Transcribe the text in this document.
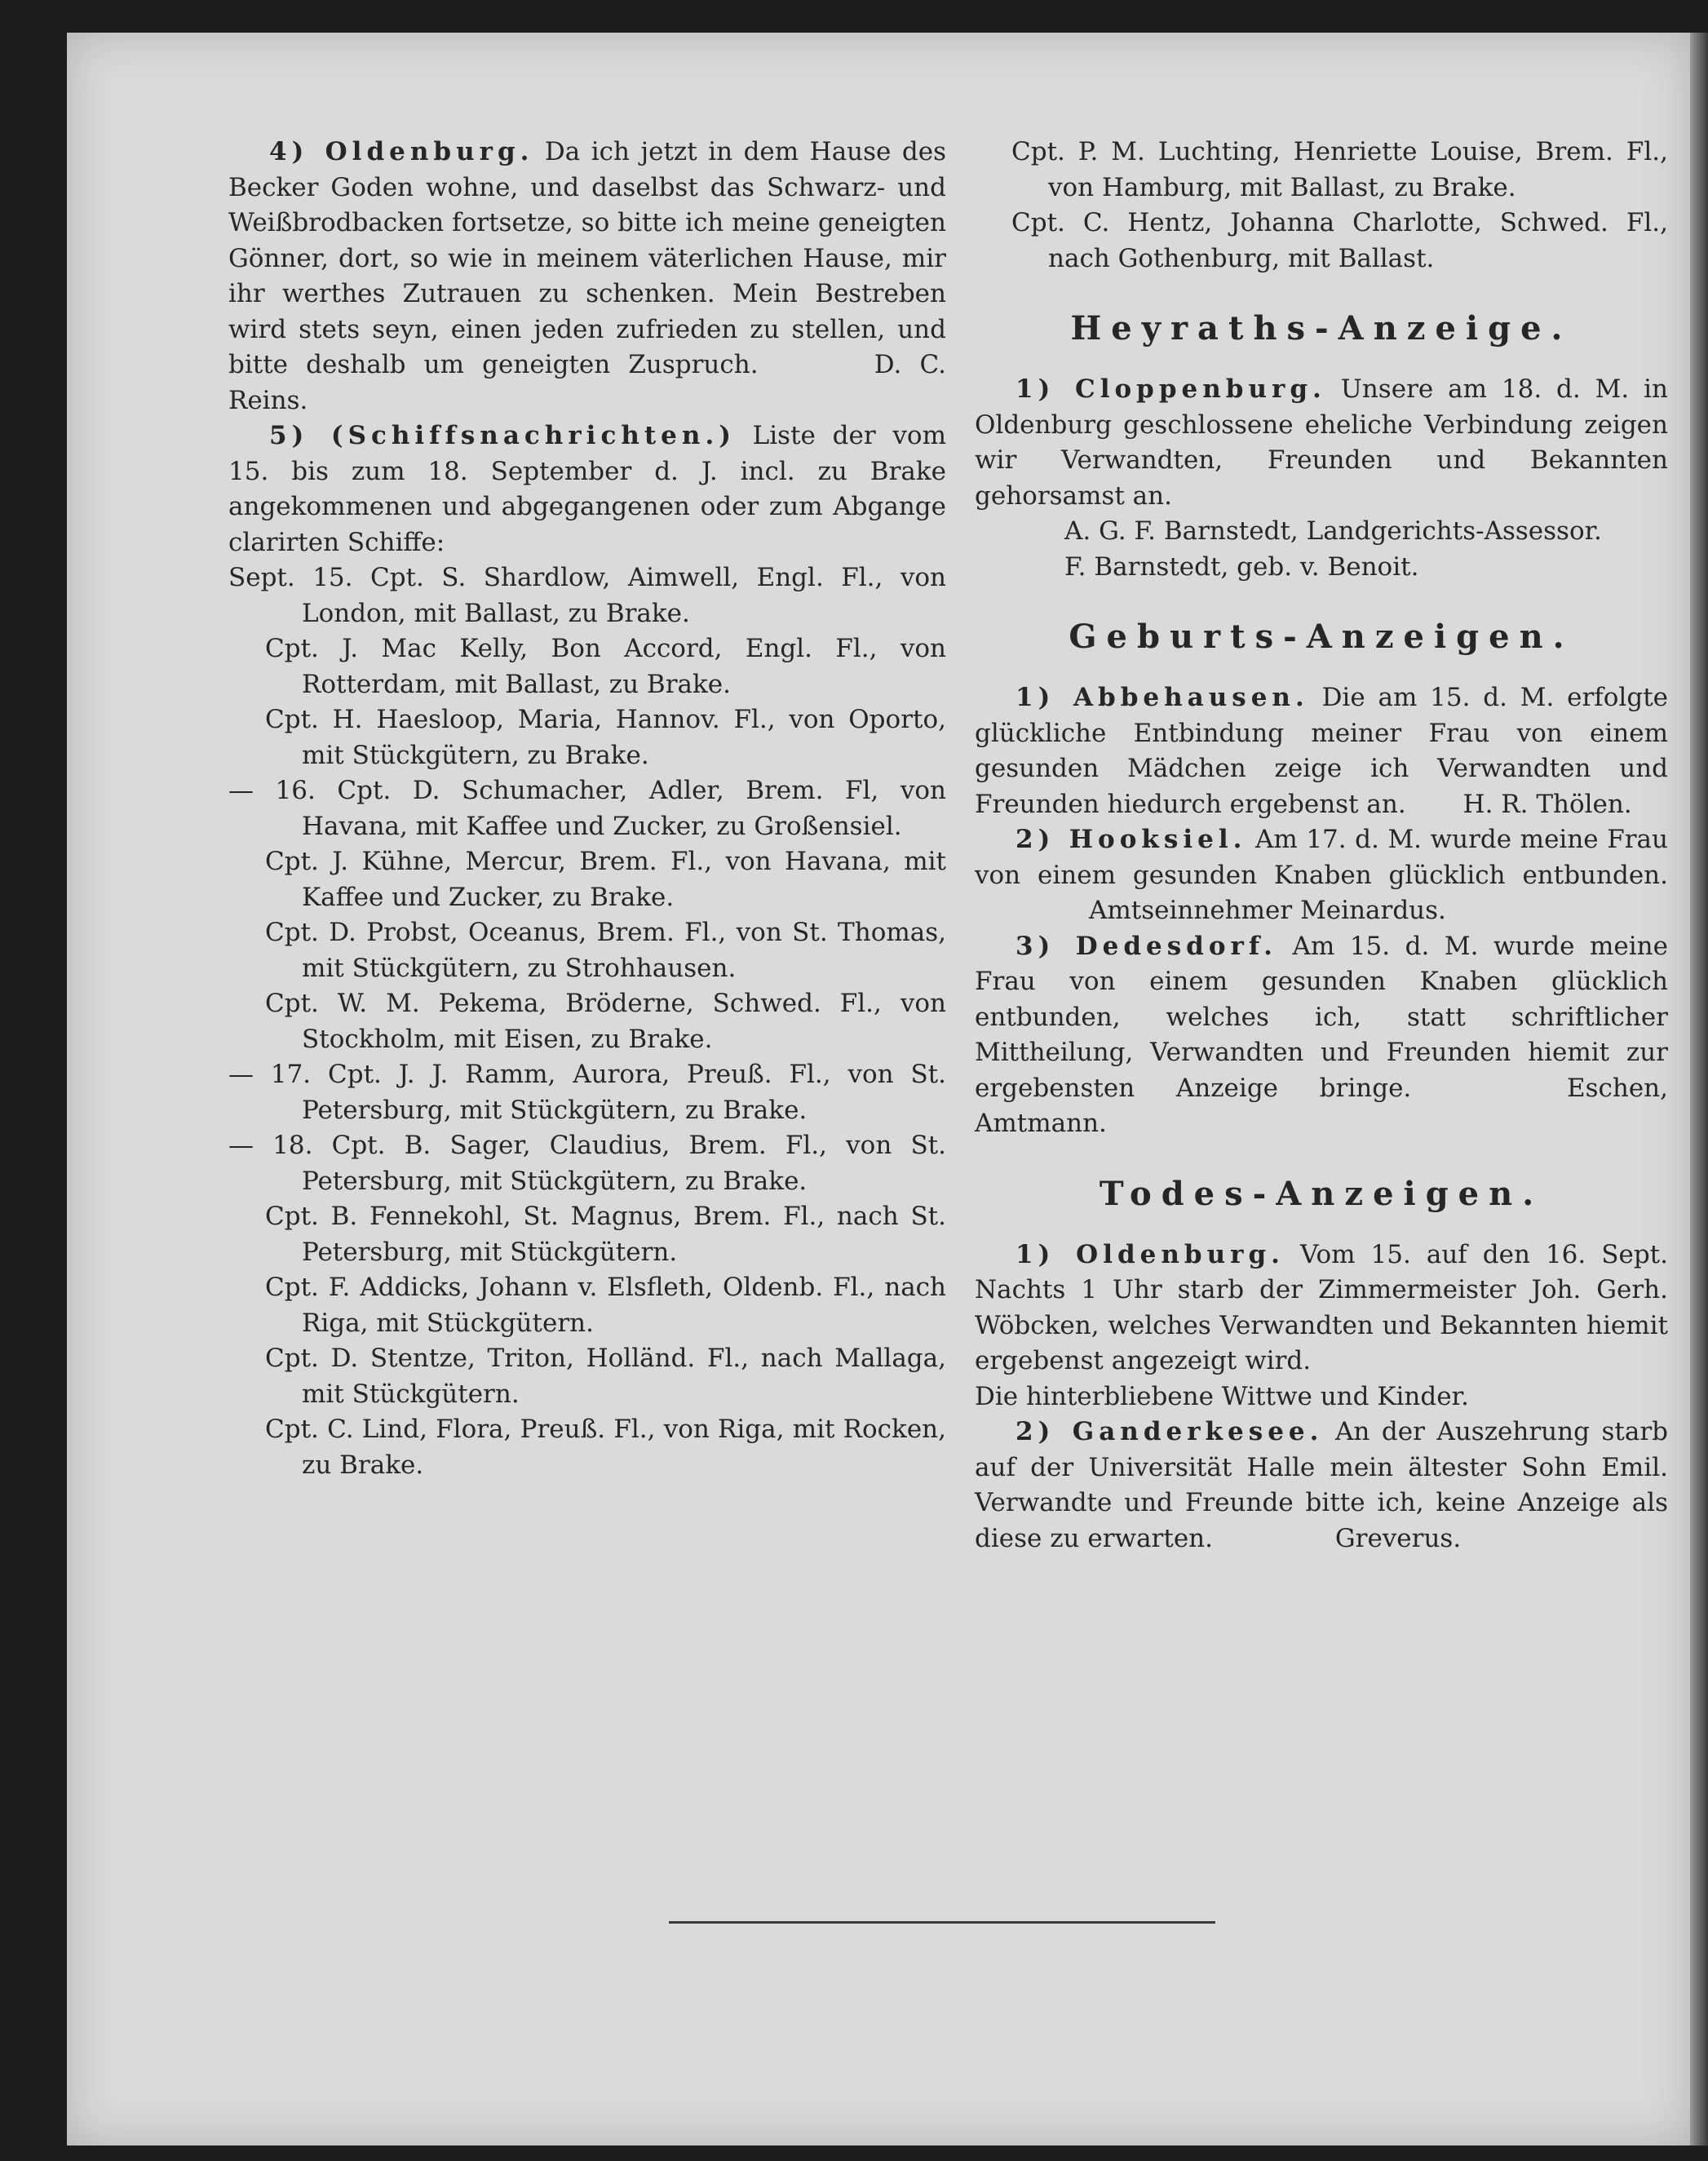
4) Oldenburg. Da ich jetzt in dem Hause des Becker Goden wohne, und daselbst das Schwarz- und Weißbrodbacken fortsetze, so bitte ich meine geneigten Gönner, dort, so wie in meinem väterlichen Hause, mir ihr werthes Zutrauen zu schenken. Mein Bestreben wird stets seyn, einen jeden zufrieden zu stellen, und bitte deshalb um geneigten Zuspruch.	D. C. Reins.

5) (Schiffsnachrichten.) Liste der vom 15. bis zum 18. September d. J. incl. zu Brake angekommenen und abgegangenen oder zum Abgange clarirten Schiffe:

Sept. 15. Cpt. S. Shardlow, Aimwell, Engl. Fl., von London, mit Ballast, zu Brake.

Cpt. J. Mac Kelly, Bon Accord, Engl. Fl., von Rotterdam, mit Ballast, zu Brake.

Cpt. H. Haesloop, Maria, Hannov. Fl., von Oporto, mit Stückgütern, zu Brake.

— 16. Cpt. D. Schumacher, Adler, Brem. Fl, von Havana, mit Kaffee und Zucker, zu Großensiel.

Cpt. J. Kühne, Mercur, Brem. Fl., von Havana, mit Kaffee und Zucker, zu Brake.

Cpt. D. Probst, Oceanus, Brem. Fl., von St. Thomas, mit Stückgütern, zu Strohhausen.

Cpt. W. M. Pekema, Bröderne, Schwed. Fl., von Stockholm, mit Eisen, zu Brake.

— 17. Cpt. J. J. Ramm, Aurora, Preuß. Fl., von St. Petersburg, mit Stückgütern, zu Brake.

— 18. Cpt. B. Sager, Claudius, Brem. Fl., von St. Petersburg, mit Stückgütern, zu Brake.

Cpt. B. Fennekohl, St. Magnus, Brem. Fl., nach St. Petersburg, mit Stückgütern.

Cpt. F. Addicks, Johann v. Elsfleth, Oldenb. Fl., nach Riga, mit Stückgütern.

Cpt. D. Stentze, Triton, Holländ. Fl., nach Mallaga, mit Stückgütern.

Cpt. C. Lind, Flora, Preuß. Fl., von Riga, mit Rocken, zu Brake.

Cpt. P. M. Luchting, Henriette Louise, Brem. Fl., von Hamburg, mit Ballast, zu Brake.

Cpt. C. Hentz, Johanna Charlotte, Schwed. Fl., nach Gothenburg, mit Ballast.

Heyraths-Anzeige.

1) Cloppenburg. Unsere am 18. d. M. in Oldenburg geschlossene eheliche Verbindung zeigen wir Verwandten, Freunden und Bekannten gehorsamst an.

A. G. F. Barnstedt, Landgerichts-Assessor.

F. Barnstedt, geb. v. Benoit.

Geburts-Anzeigen.

1) Abbehausen. Die am 15. d. M. erfolgte glückliche Entbindung meiner Frau von einem gesunden Mädchen zeige ich Verwandten und Freunden hiedurch ergebenst an. H. R. Thölen.

2) Hooksiel. Am 17. d. M. wurde meine Frau von einem gesunden Knaben glücklich entbunden. Amtseinnehmer Meinardus.

3) Dedesdorf. Am 15. d. M. wurde meine Frau von einem gesunden Knaben glücklich entbunden, welches ich, statt schriftlicher Mittheilung, Verwandten und Freunden hiemit zur ergebensten Anzeige bringe.	Eschen, Amtmann.

Todes-Anzeigen.

1) Oldenburg. Vom 15. auf den 16. Sept. Nachts 1 Uhr starb der Zimmermeister Joh. Gerh. Wöbcken, welches Verwandten und Bekannten hiemit ergebenst angezeigt wird.

Die hinterbliebene Wittwe und Kinder.

2) Ganderkesee. An der Auszehrung starb auf der Universität Halle mein ältester Sohn Emil. Verwandte und Freunde bitte ich, keine Anzeige als diese zu erwarten.	Greverus.
